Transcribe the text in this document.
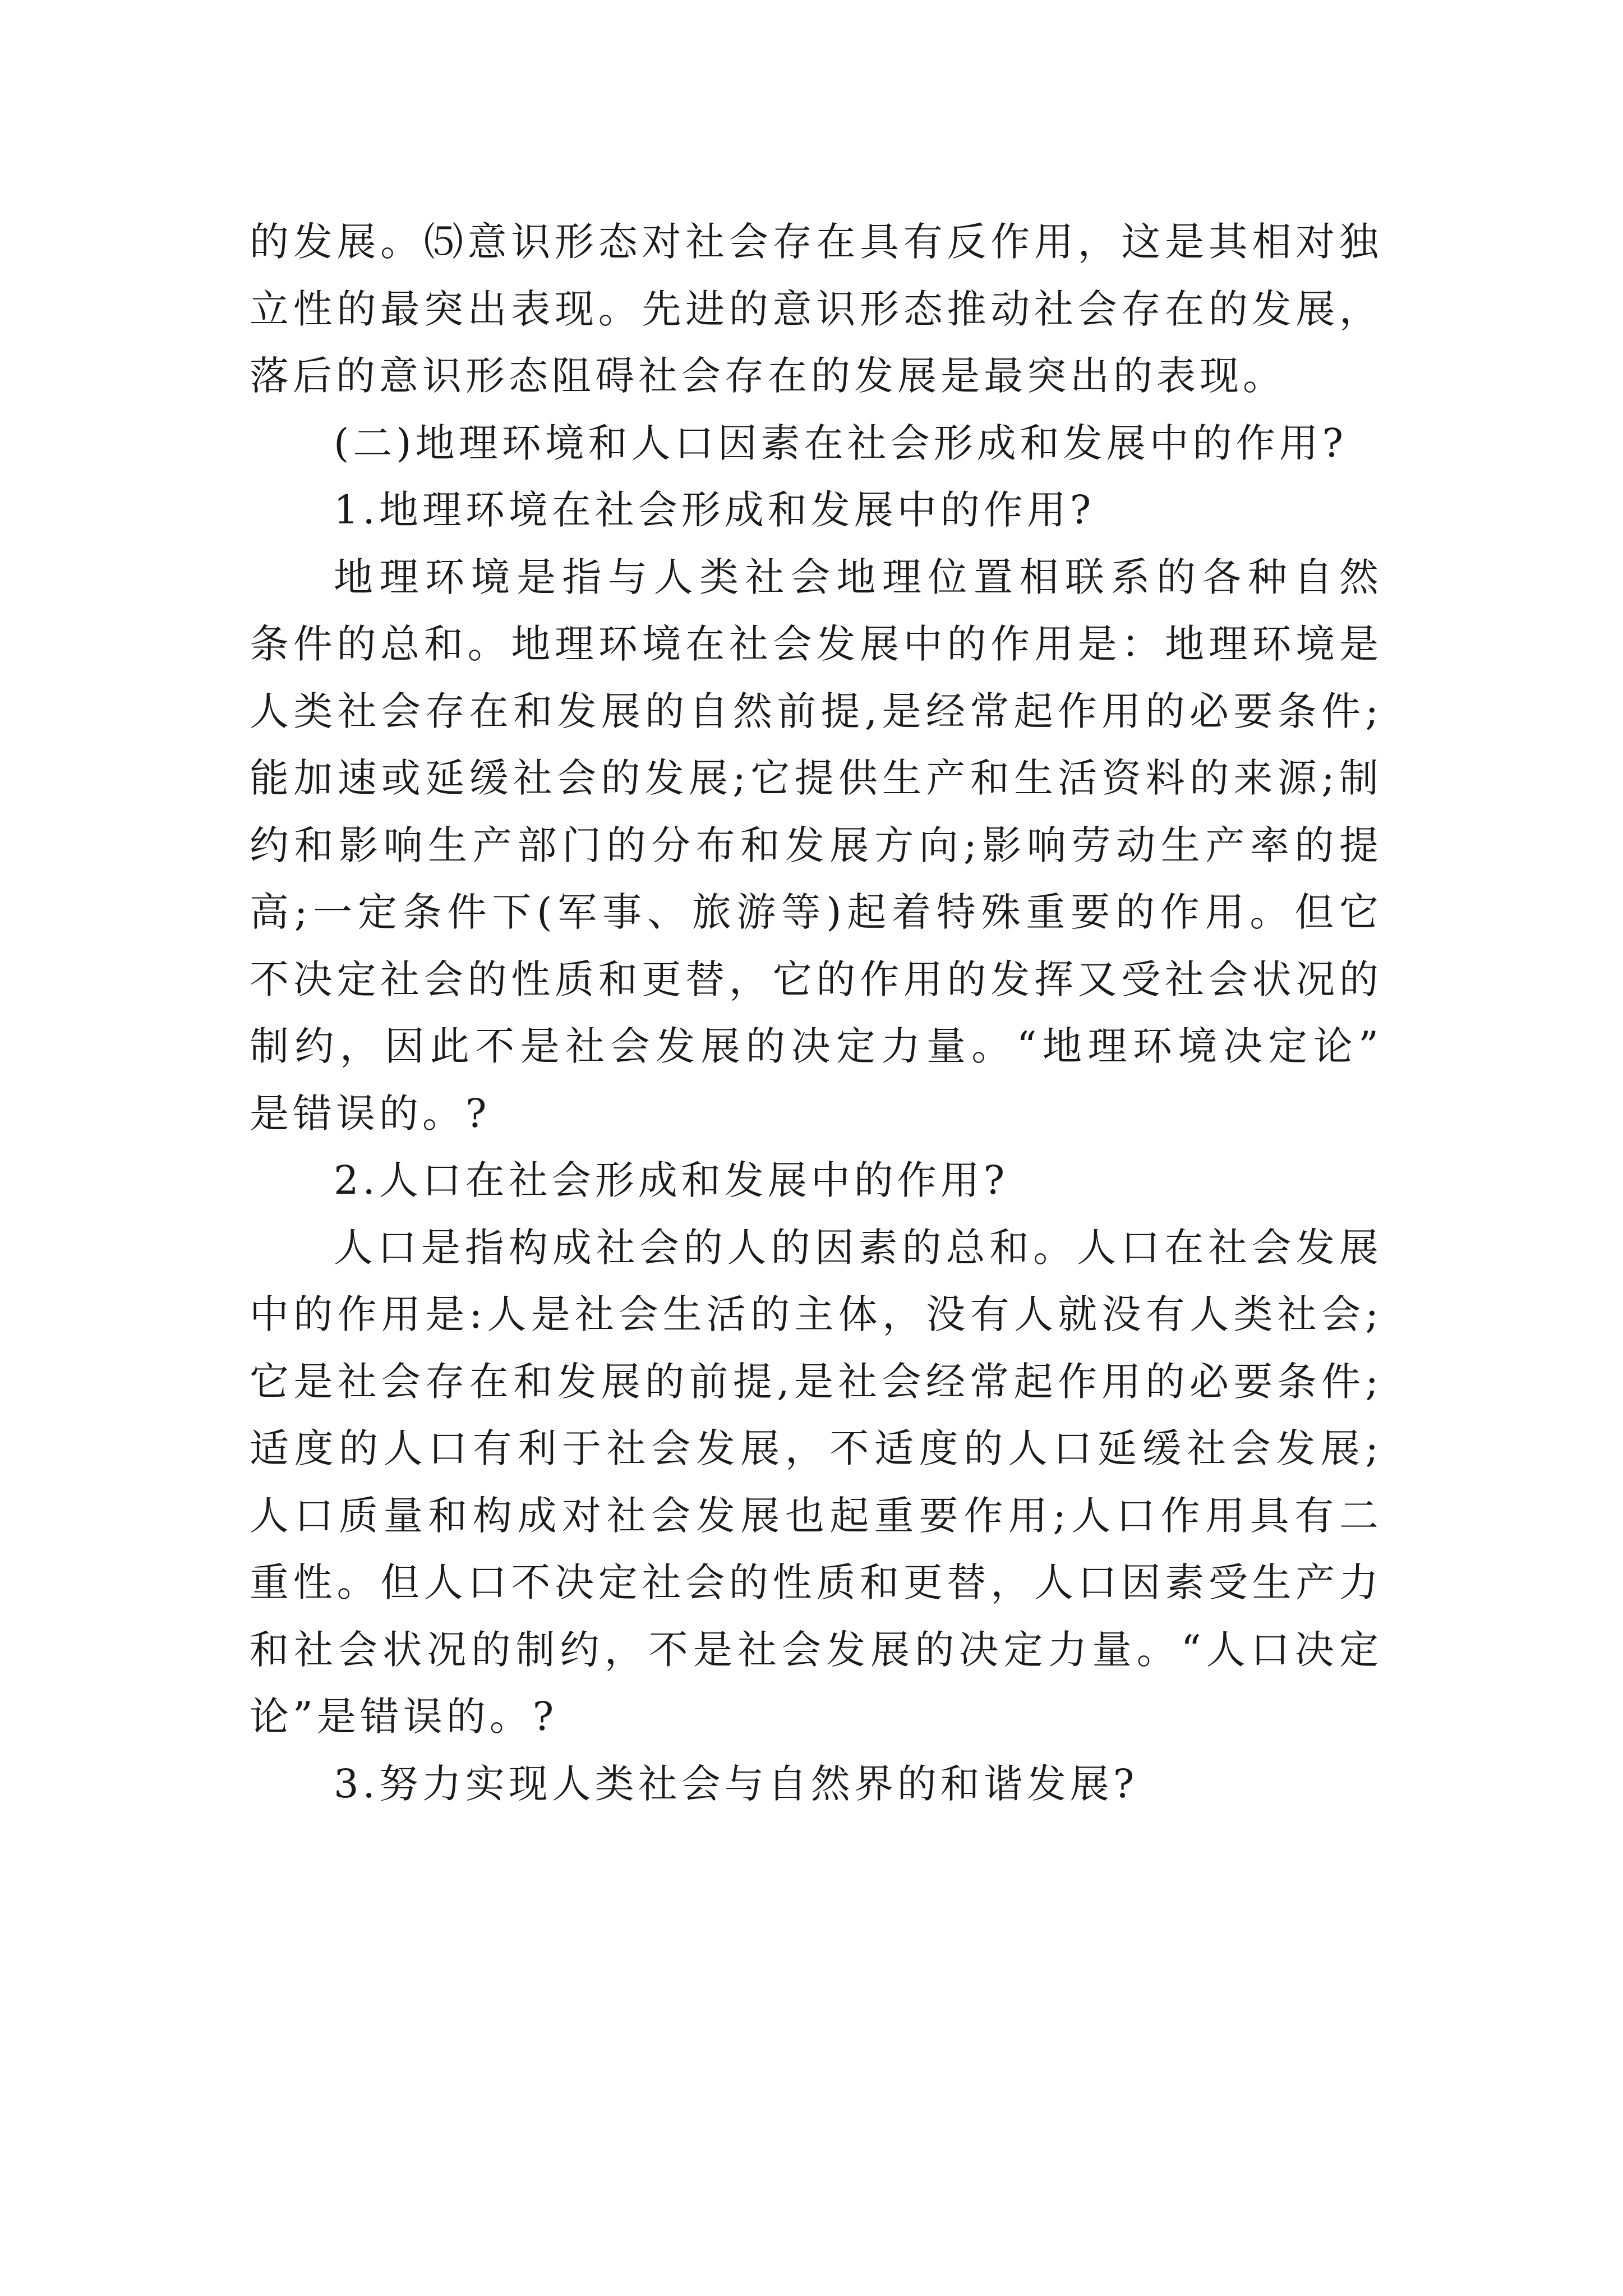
的发展。⑸意识形态对社会存在具有反作用，这是其相对独
立性的最突出表现。先进的意识形态推动社会存在的发展，
落后的意识形态阻碍社会存在的发展是最突出的表现。
(二)地理环境和人口因素在社会形成和发展中的作用?
1.地理环境在社会形成和发展中的作用?
地理环境是指与人类社会地理位置相联系的各种自然
条件的总和。地理环境在社会发展中的作用是：地理环境是
人类社会存在和发展的自然前提,是经常起作用的必要条件;
能加速或延缓社会的发展;它提供生产和生活资料的来源;制
约和影响生产部门的分布和发展方向;影响劳动生产率的提
高;一定条件下(军事、旅游等)起着特殊重要的作用。但它
不决定社会的性质和更替，它的作用的发挥又受社会状况的
制约，因此不是社会发展的决定力量。“地理环境决定论”
是错误的。?
2.人口在社会形成和发展中的作用?
人口是指构成社会的人的因素的总和。人口在社会发展
中的作用是:人是社会生活的主体，没有人就没有人类社会;
它是社会存在和发展的前提,是社会经常起作用的必要条件;
适度的人口有利于社会发展，不适度的人口延缓社会发展;
人口质量和构成对社会发展也起重要作用;人口作用具有二
重性。但人口不决定社会的性质和更替，人口因素受生产力
和社会状况的制约，不是社会发展的决定力量。“人口决定
论”是错误的。?
3.努力实现人类社会与自然界的和谐发展?
